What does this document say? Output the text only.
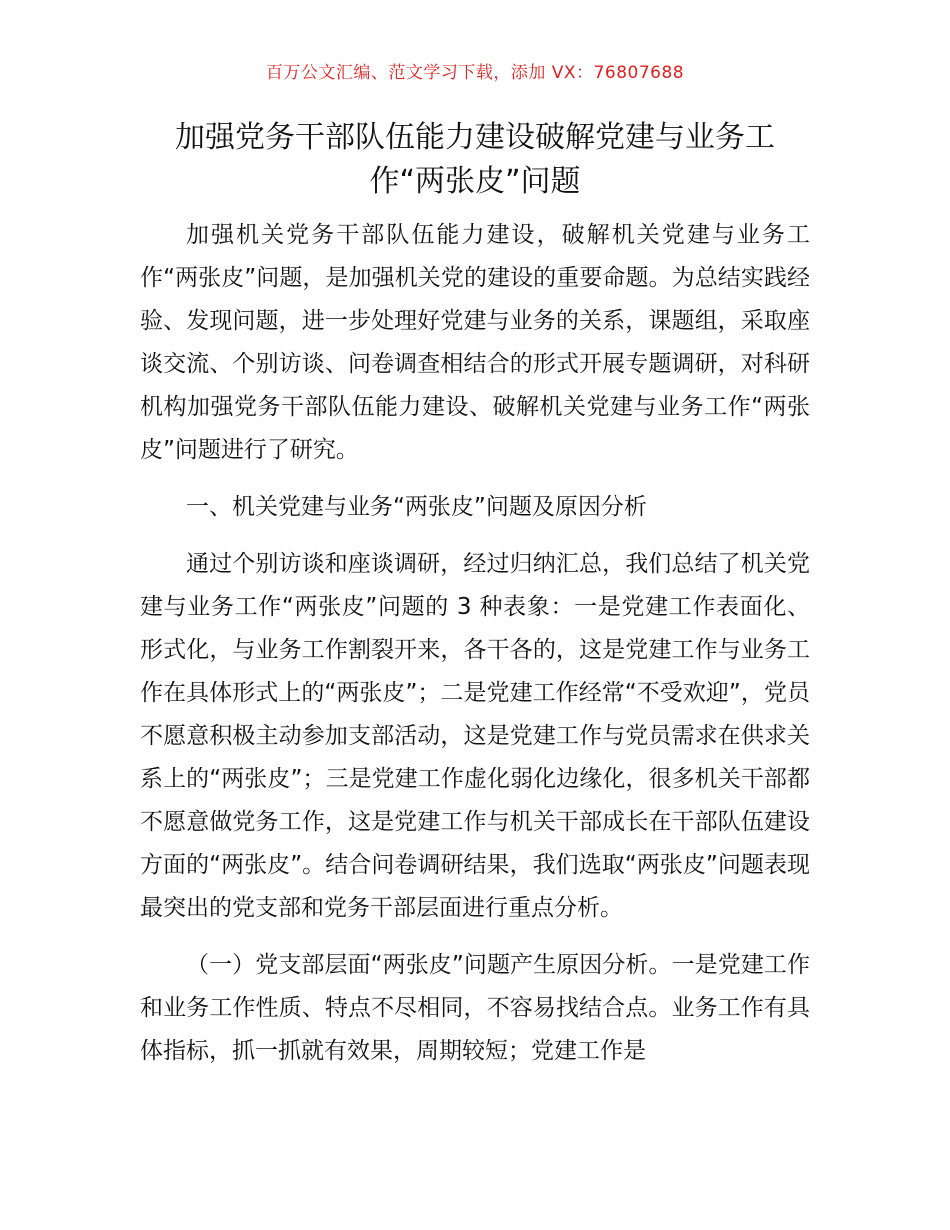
百万公文汇编、范文学习下载，添加 VX：76807688
加强党务干部队伍能力建设破解党建与业务工作“两张皮”问题

加强机关党务干部队伍能力建设，破解机关党建与业务工作“两张皮”问题，是加强机关党的建设的重要命题。为总结实践经验、发现问题，进一步处理好党建与业务的关系，课题组，采取座谈交流、个别访谈、问卷调查相结合的形式开展专题调研，对科研机构加强党务干部队伍能力建设、破解机关党建与业务工作“两张皮”问题进行了研究。

一、机关党建与业务“两张皮”问题及原因分析

通过个别访谈和座谈调研，经过归纳汇总，我们总结了机关党建与业务工作“两张皮”问题的 3 种表象：一是党建工作表面化、形式化，与业务工作割裂开来，各干各的，这是党建工作与业务工作在具体形式上的“两张皮”；二是党建工作经常“不受欢迎”，党员不愿意积极主动参加支部活动，这是党建工作与党员需求在供求关系上的“两张皮”；三是党建工作虚化弱化边缘化，很多机关干部都不愿意做党务工作，这是党建工作与机关干部成长在干部队伍建设方面的“两张皮”。结合问卷调研结果，我们选取“两张皮”问题表现最突出的党支部和党务干部层面进行重点分析。

（一）党支部层面“两张皮”问题产生原因分析。一是党建工作和业务工作性质、特点不尽相同，不容易找结合点。业务工作有具体指标，抓一抓就有效果，周期较短；党建工作是
